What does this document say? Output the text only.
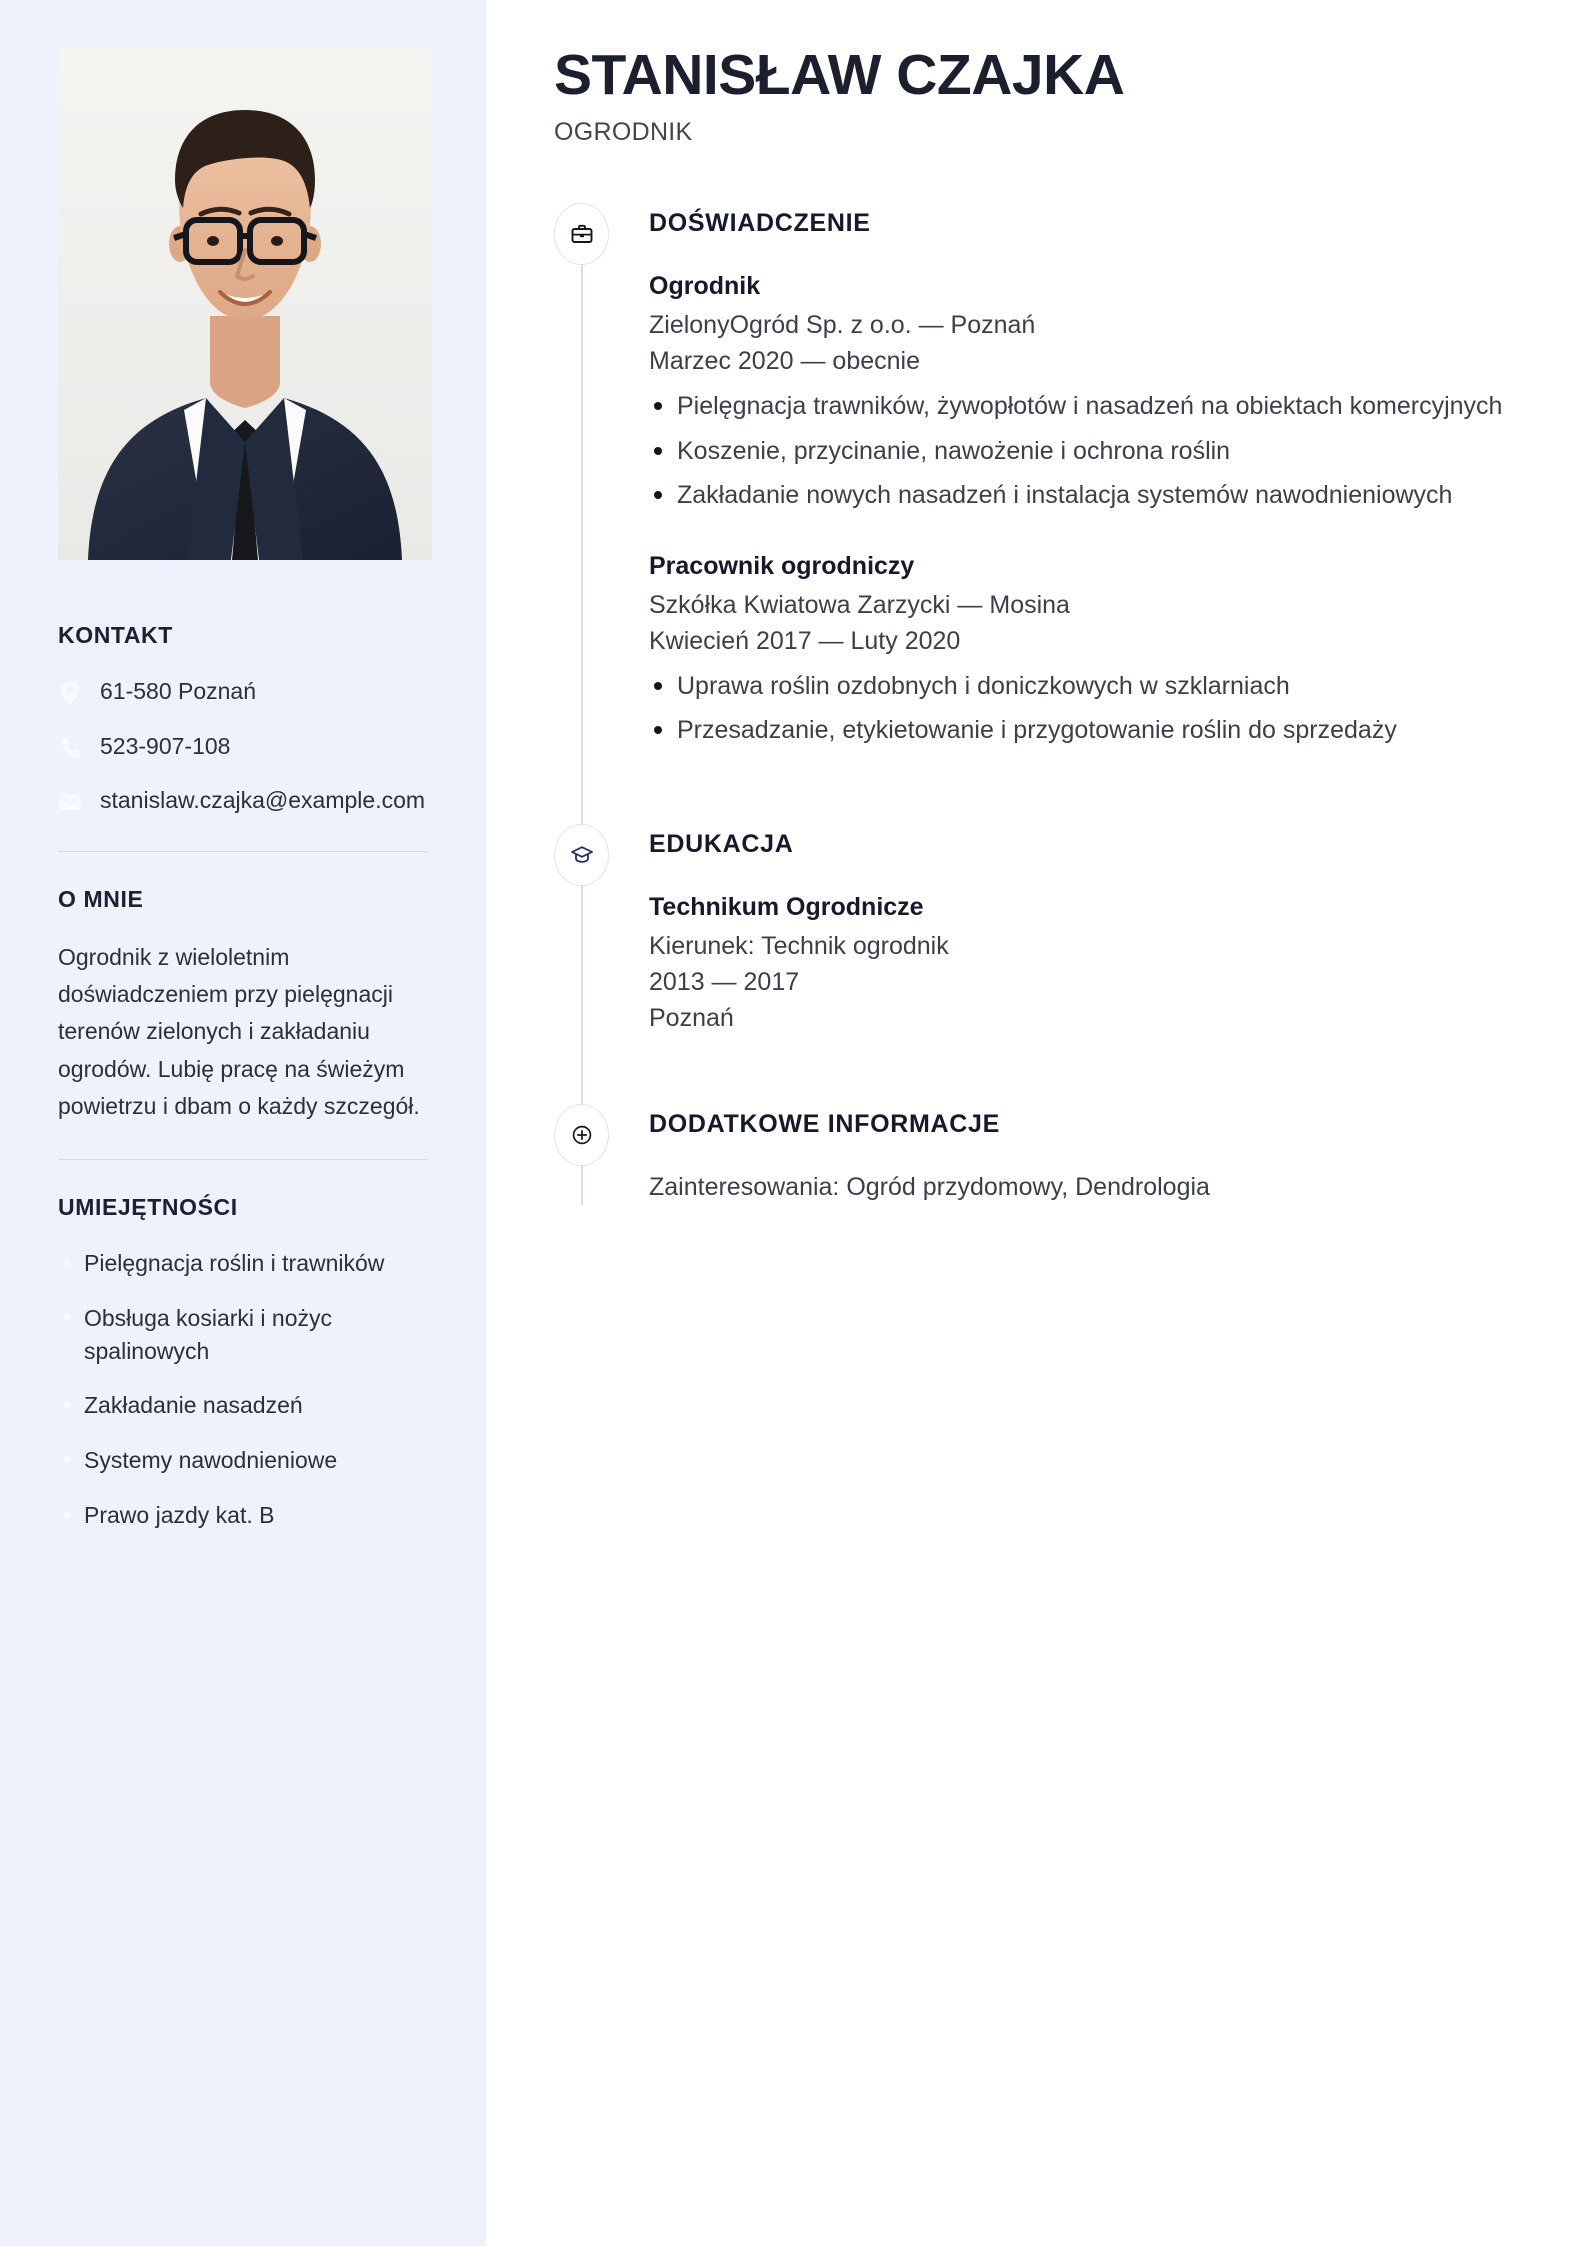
KONTAKT
61-580 Poznań
523-907-108
stanislaw.czajka@example.com
O MNIE

Ogrodnik z wieloletnim doświadczeniem przy pielęgnacji terenów zielonych i zakładaniu ogrodów. Lubię pracę na świeżym powietrzu i dbam o każdy szczegół.

UMIEJĘTNOŚCI
Pielęgnacja roślin i trawników
Obsługa kosiarki i nożyc spalinowych
Zakładanie nasadzeń
Systemy nawodnieniowe
Prawo jazdy kat. B
STANISŁAW CZAJKA
OGRODNIK
DOŚWIADCZENIE
Ogrodnik
ZielonyOgród Sp. z o.o. — Poznań
Marzec 2020 — obecnie
Pielęgnacja trawników, żywopłotów i nasadzeń na obiektach komercyjnych
Koszenie, przycinanie, nawożenie i ochrona roślin
Zakładanie nowych nasadzeń i instalacja systemów nawodnieniowych
Pracownik ogrodniczy
Szkółka Kwiatowa Zarzycki — Mosina
Kwiecień 2017 — Luty 2020
Uprawa roślin ozdobnych i doniczkowych w szklarniach
Przesadzanie, etykietowanie i przygotowanie roślin do sprzedaży
EDUKACJA
Technikum Ogrodnicze
Kierunek: Technik ogrodnik
2013 — 2017
Poznań
DODATKOWE INFORMACJE

Zainteresowania: Ogród przydomowy, Dendrologia
